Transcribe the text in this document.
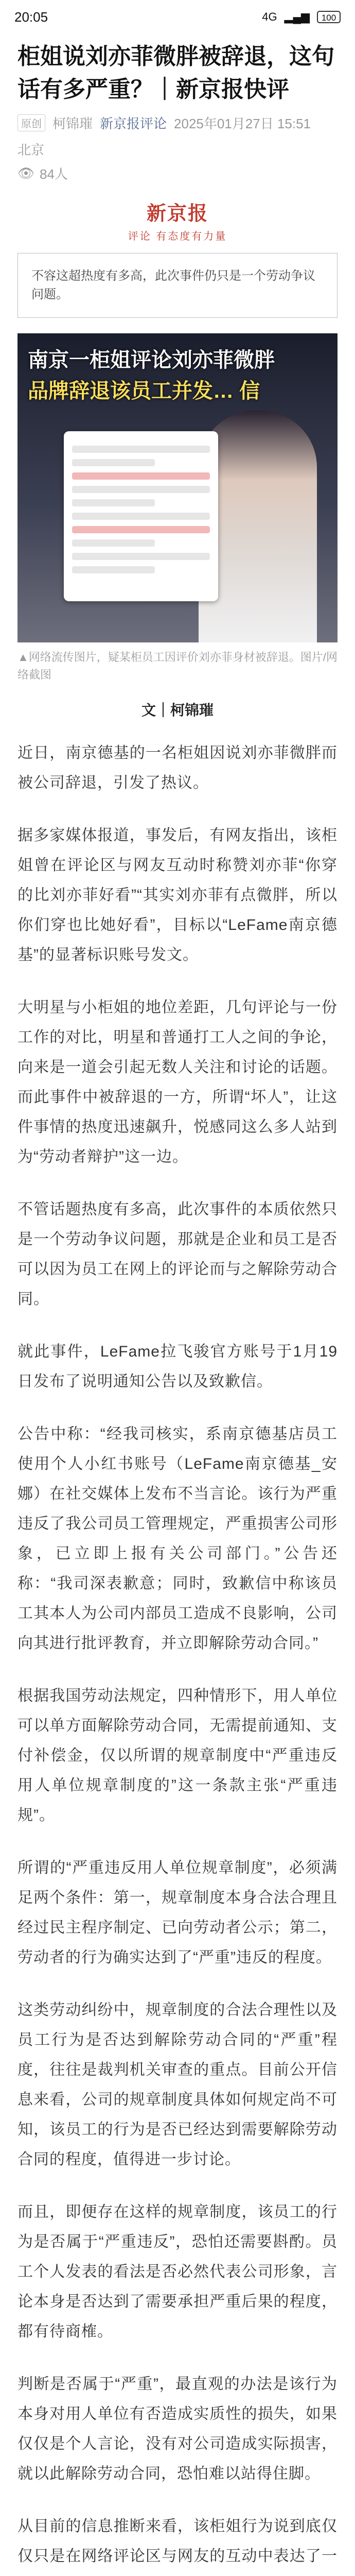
20:05	4G ▂▄▆	100
柜姐说刘亦菲微胖被辞退，这句话有多严重？｜新京报快评
原创 柯锦璀 新京报评论 2025年01月27日 15:51
北京
👁 84人
新京报
评论 有态度有力量
不容这超热度有多高，此次事件仍只是一个劳动争议问题。
南京一柜姐评论刘亦菲微胖
品牌辞退该员工并发… 信
▲网络流传图片，疑某柜员工因评价刘亦菲身材被辞退。图片/网络截图
文｜柯锦璀

近日，南京德基的一名柜姐因说刘亦菲微胖而被公司辞退，引发了热议。

据多家媒体报道，事发后，有网友指出，该柜姐曾在评论区与网友互动时称赞刘亦菲“你穿的比刘亦菲好看”“其实刘亦菲有点微胖，所以你们穿也比她好看”，目标以“LeFame南京德基”的显著标识账号发文。

大明星与小柜姐的地位差距，几句评论与一份工作的对比，明星和普通打工人之间的争论，向来是一道会引起无数人关注和讨论的话题。而此事件中被辞退的一方，所谓“坏人”，让这件事情的热度迅速飙升，悦感同这么多人站到为“劳动者辩护”这一边。

不管话题热度有多高，此次事件的本质依然只是一个劳动争议问题，那就是企业和员工是否可以因为员工在网上的评论而与之解除劳动合同。

就此事件，LeFame拉飞骏官方账号于1月19日发布了说明通知公告以及致歉信。

公告中称：“经我司核实，系南京德基店员工使用个人小红书账号（LeFame南京德基_安娜）在社交媒体上发布不当言论。该行为严重违反了我公司员工管理规定，严重损害公司形象，已立即上报有关公司部门。”公告还称：“我司深表歉意；同时，致歉信中称该员工其本人为公司内部员工造成不良影响，公司向其进行批评教育，并立即解除劳动合同。”

根据我国劳动法规定，四种情形下，用人单位可以单方面解除劳动合同，无需提前通知、支付补偿金，仅以所谓的规章制度中“严重违反用人单位规章制度的”这一条款主张“严重违规”。

所谓的“严重违反用人单位规章制度”，必须满足两个条件：第一，规章制度本身合法合理且经过民主程序制定、已向劳动者公示；第二，劳动者的行为确实达到了“严重”违反的程度。

这类劳动纠纷中，规章制度的合法合理性以及员工行为是否达到解除劳动合同的“严重”程度，往往是裁判机关审查的重点。目前公开信息来看，公司的规章制度具体如何规定尚不可知，该员工的行为是否已经达到需要解除劳动合同的程度，值得进一步讨论。

而且，即便存在这样的规章制度，该员工的行为是否属于“严重违反”，恐怕还需要斟酌。员工个人发表的看法是否必然代表公司形象，言论本身是否达到了需要承担严重后果的程度，都有待商榷。

判断是否属于“严重”，最直观的办法是该行为本身对用人单位有否造成实质性的损失，如果仅仅是个人言论，没有对公司造成实际损害，就以此解除劳动合同，恐怕难以站得住脚。

从目前的信息推断来看，该柜姐行为说到底仅仅只是在网络评论区与网友的互动中表达了一
